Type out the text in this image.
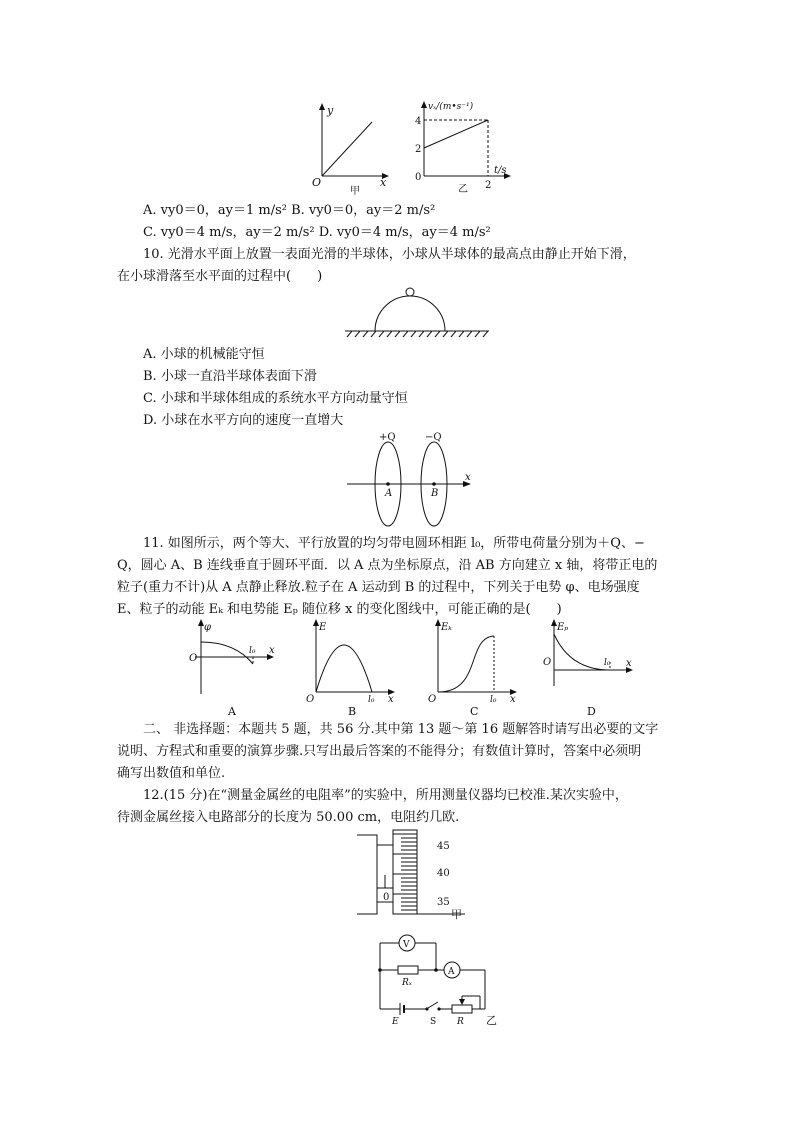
y
x
O
甲
vₓ/(m•s⁻¹)
4
2
0
2
t/s
乙
A. vy0＝0，ay＝1 m/s² B. vy0＝0，ay＝2 m/s²
C. vy0＝4 m/s，ay＝2 m/s² D. vy0＝4 m/s，ay＝4 m/s²
10. 光滑水平面上放置一表面光滑的半球体，小球从半球体的最高点由静止开始下滑，
在小球滑落至水平面的过程中(　　)
A. 小球的机械能守恒
B. 小球一直沿半球体表面下滑
C. 小球和半球体组成的系统水平方向动量守恒
D. 小球在水平方向的速度一直增大
+Q	−Q
A	B
x
11. 如图所示，两个等大、平行放置的均匀带电圆环相距 l₀，所带电荷量分别为＋Q、−
Q，圆心 A、B 连线垂直于圆环平面．以 A 点为坐标原点，沿 AB 方向建立 x 轴，将带正电的
粒子(重力不计)从 A 点静止释放.粒子在 A 运动到 B 的过程中，下列关于电势 φ、电场强度
E、粒子的动能 Eₖ 和电势能 Eₚ 随位移 x 的变化图线中，可能正确的是(　　)
φ
O
l₀ x
A
E
O	l₀ x
B
Eₖ
O	l₀ x
C
Eₚ
O	l₀ x
D
二、 非选择题：本题共 5 题，共 56 分.其中第 13 题～第 16 题解答时请写出必要的文字
说明、方程式和重要的演算步骤.只写出最后答案的不能得分；有数值计算时，答案中必须明
确写出数值和单位.
12.(15 分)在“测量金属丝的电阻率”的实验中，所用测量仪器均已校准.某次实验中，
待测金属丝接入电路部分的长度为 50.00 cm，电阻约几欧.
45
40
35
0
甲
V
A
Rₓ
E	S R 乙
